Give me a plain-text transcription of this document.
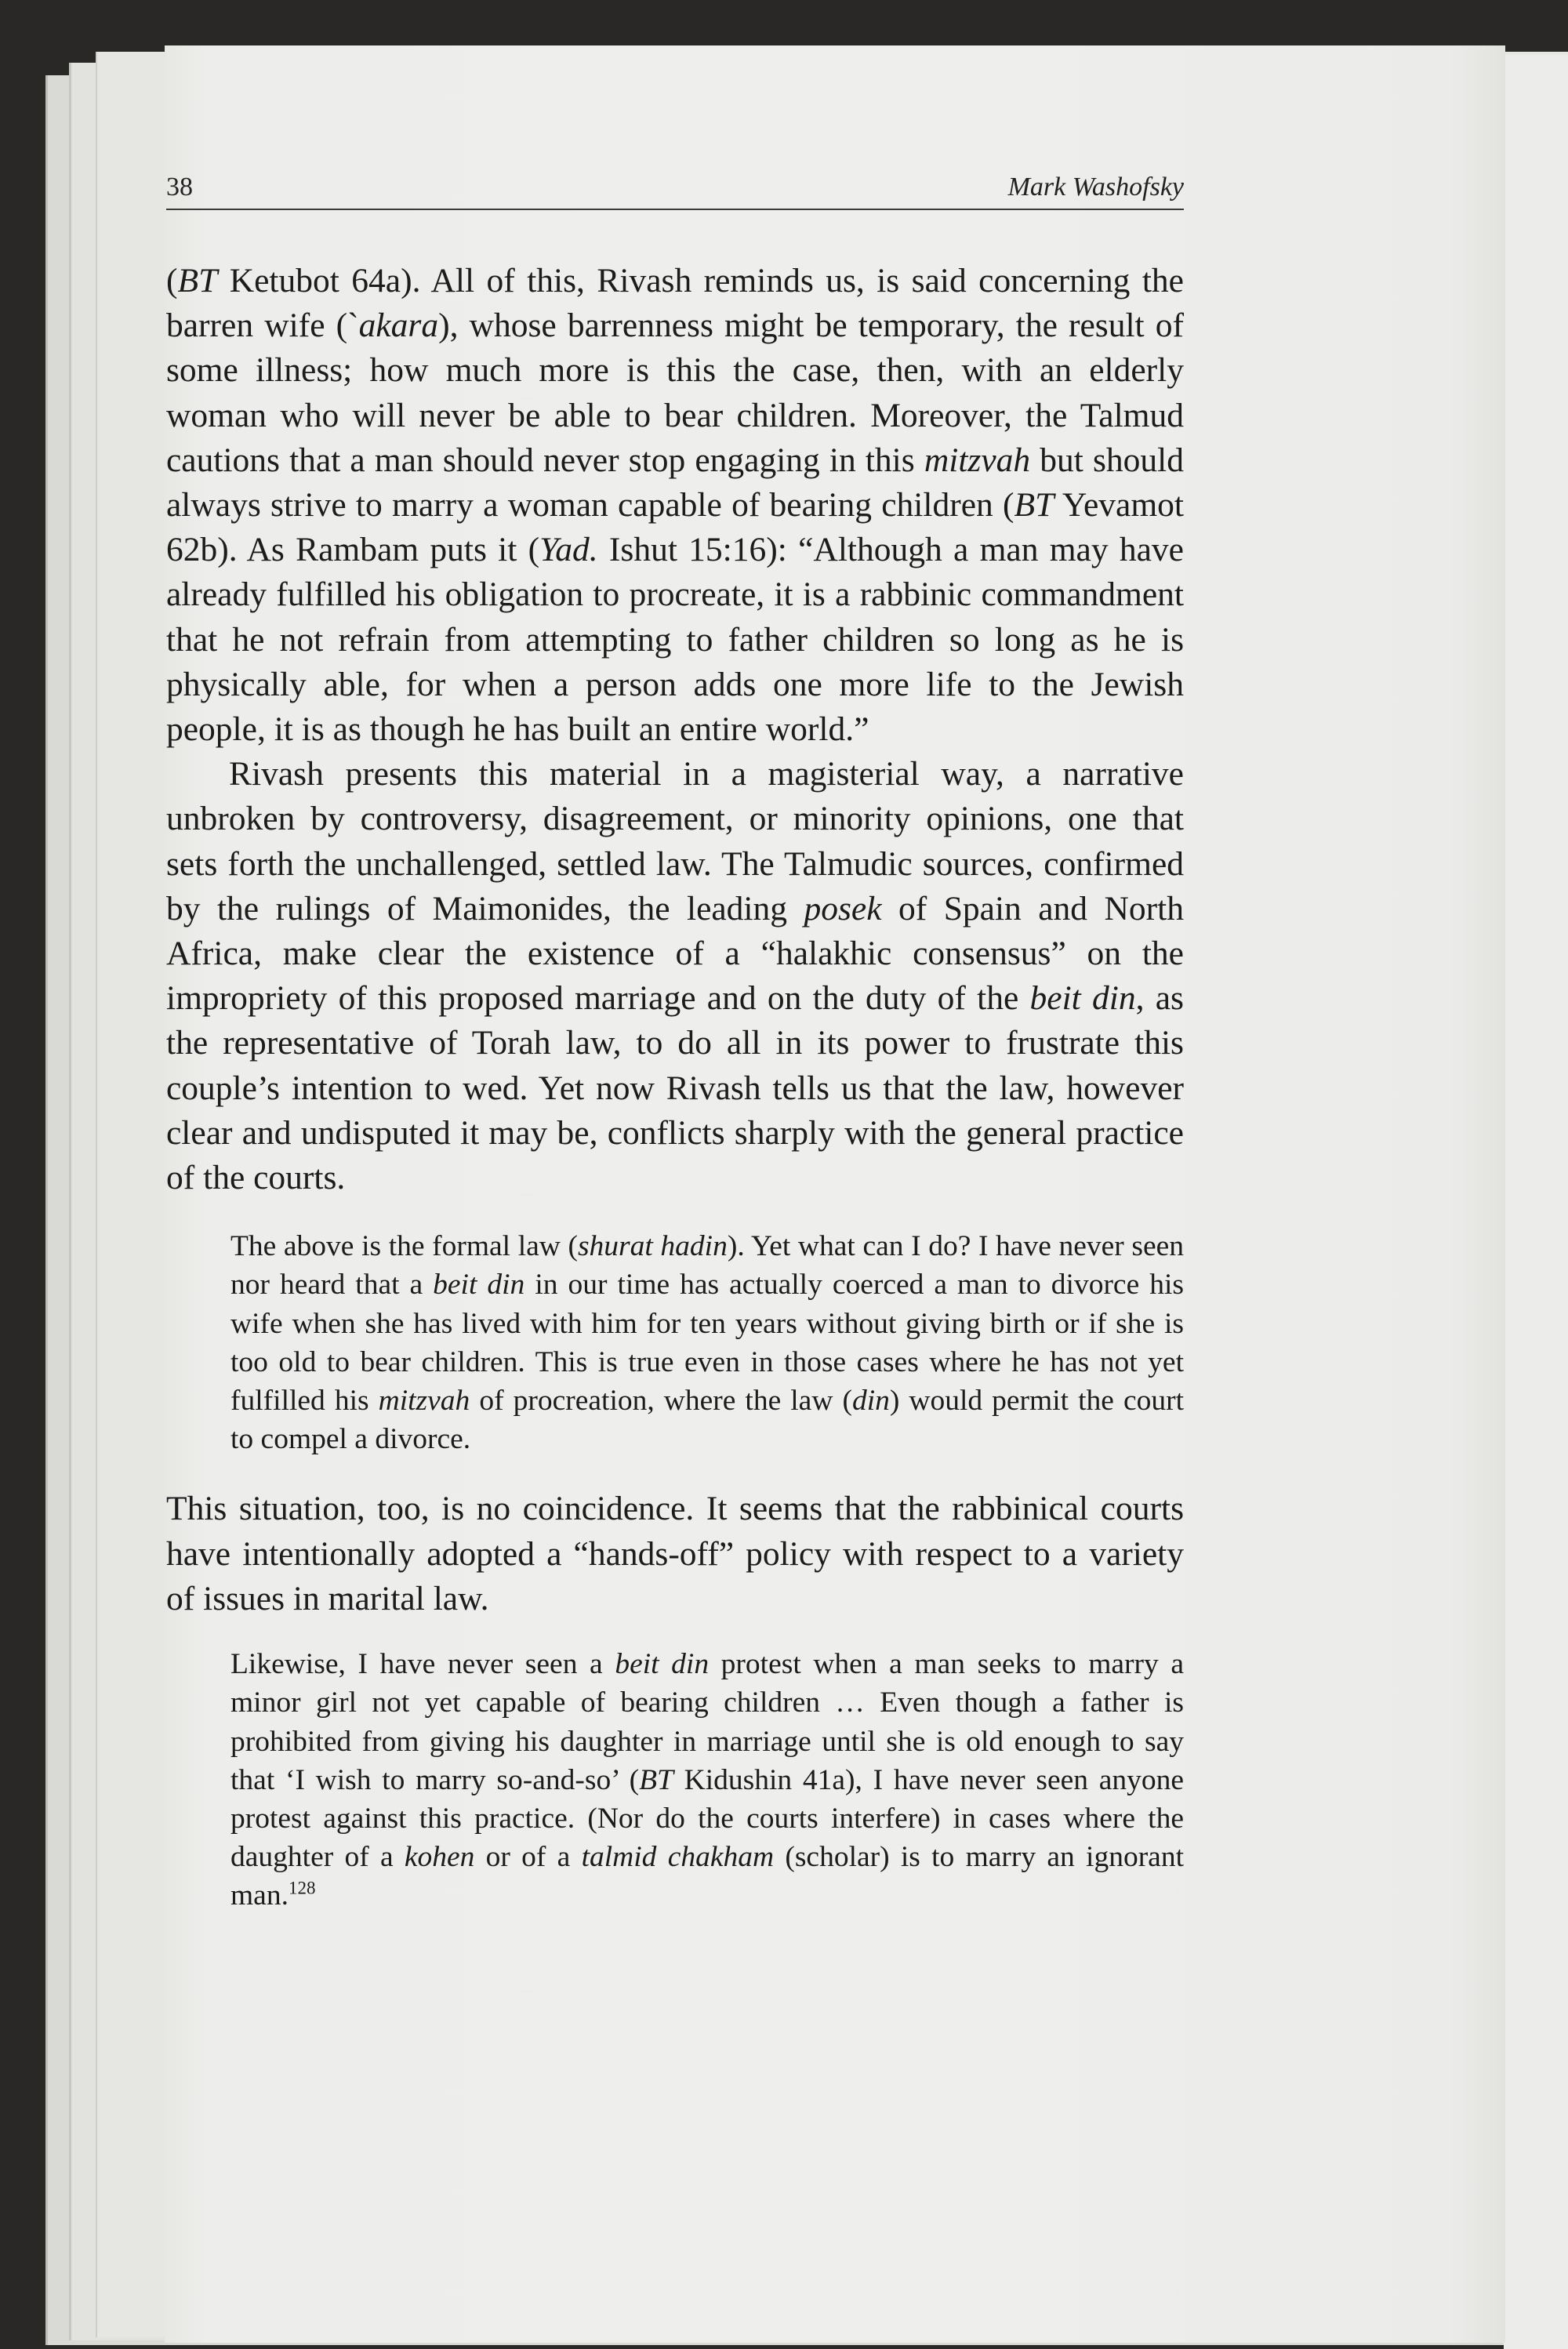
38	Mark Washofsky

(BT Ketubot 64a). All of this, Rivash reminds us, is said concerning the barren wife (`akara), whose barrenness might be temporary, the result of some illness; how much more is this the case, then, with an elderly woman who will never be able to bear children. Moreover, the Talmud cautions that a man should never stop engaging in this mitzvah but should always strive to marry a woman capable of bearing children (BT Yevamot 62b). As Rambam puts it (Yad. Ishut 15:16): “Although a man may have already fulfilled his obligation to procreate, it is a rabbinic commandment that he not refrain from attempting to father children so long as he is physically able, for when a person adds one more life to the Jewish people, it is as though he has built an entire world.”

Rivash presents this material in a magisterial way, a narrative unbroken by controversy, disagreement, or minority opinions, one that sets forth the unchallenged, settled law. The Talmudic sources, confirmed by the rulings of Maimonides, the leading posek of Spain and North Africa, make clear the existence of a “halakhic consensus” on the impropriety of this proposed marriage and on the duty of the beit din, as the representative of Torah law, to do all in its power to frustrate this couple’s intention to wed. Yet now Rivash tells us that the law, however clear and undisputed it may be, conflicts sharply with the general practice of the courts.

The above is the formal law (shurat hadin). Yet what can I do? I have never seen nor heard that a beit din in our time has actually coerced a man to divorce his wife when she has lived with him for ten years without giving birth or if she is too old to bear children. This is true even in those cases where he has not yet fulfilled his mitzvah of procreation, where the law (din) would permit the court to compel a divorce.

This situation, too, is no coincidence. It seems that the rabbinical courts have intentionally adopted a “hands-off” policy with respect to a variety of issues in marital law.

Likewise, I have never seen a beit din protest when a man seeks to marry a minor girl not yet capable of bearing children … Even though a father is prohibited from giving his daughter in marriage until she is old enough to say that ‘I wish to marry so-and-so’ (BT Kidushin 41a), I have never seen anyone protest against this practice. (Nor do the courts interfere) in cases where the daughter of a kohen or of a talmid chakham (scholar) is to marry an ignorant man.$^{128}$
